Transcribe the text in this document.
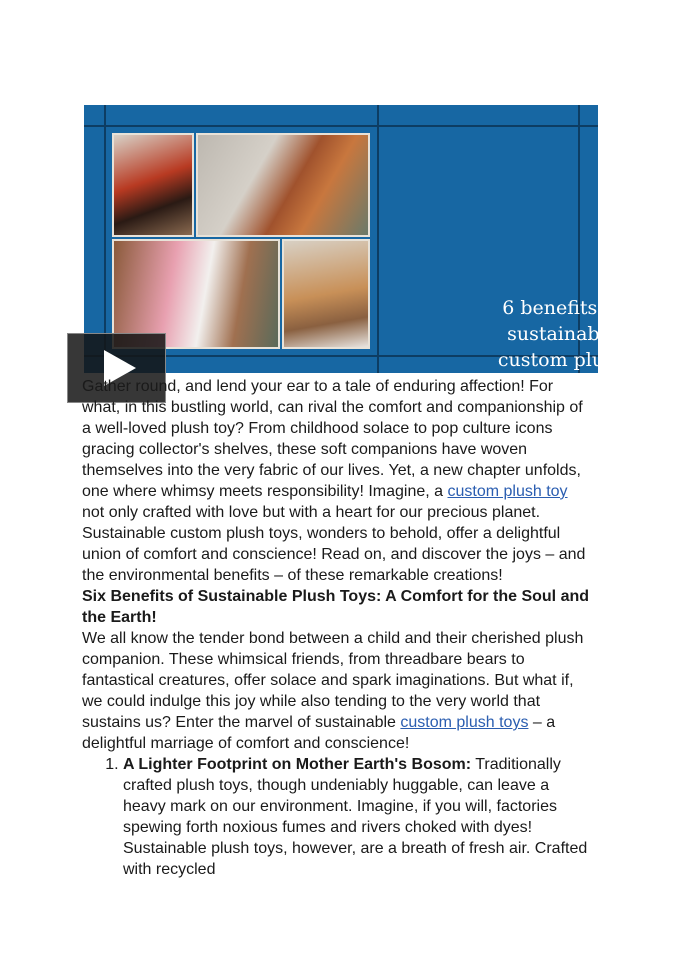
6 benefits of sustainable custom plush toys

Gather round, and lend your ear to a tale of enduring affection! For what, in this bustling world, can rival the comfort and companionship of a well-loved plush toy? From childhood solace to pop culture icons gracing collector's shelves, these soft companions have woven themselves into the very fabric of our lives. Yet, a new chapter unfolds, one where whimsy meets responsibility! Imagine, a custom plush toy not only crafted with love but with a heart for our precious planet. Sustainable custom plush toys, wonders to behold, offer a delightful union of comfort and conscience! Read on, and discover the joys – and the environmental benefits – of these remarkable creations!

Six Benefits of Sustainable Plush Toys: A Comfort for the Soul and the Earth!

We all know the tender bond between a child and their cherished plush companion. These whimsical friends, from threadbare bears to fantastical creatures, offer solace and spark imaginations. But what if, we could indulge this joy while also tending to the very world that sustains us? Enter the marvel of sustainable custom plush toys – a delightful marriage of comfort and conscience!

1. A Lighter Footprint on Mother Earth's Bosom: Traditionally crafted plush toys, though undeniably huggable, can leave a heavy mark on our environment. Imagine, if you will, factories spewing forth noxious fumes and rivers choked with dyes! Sustainable plush toys, however, are a breath of fresh air. Crafted with recycled
